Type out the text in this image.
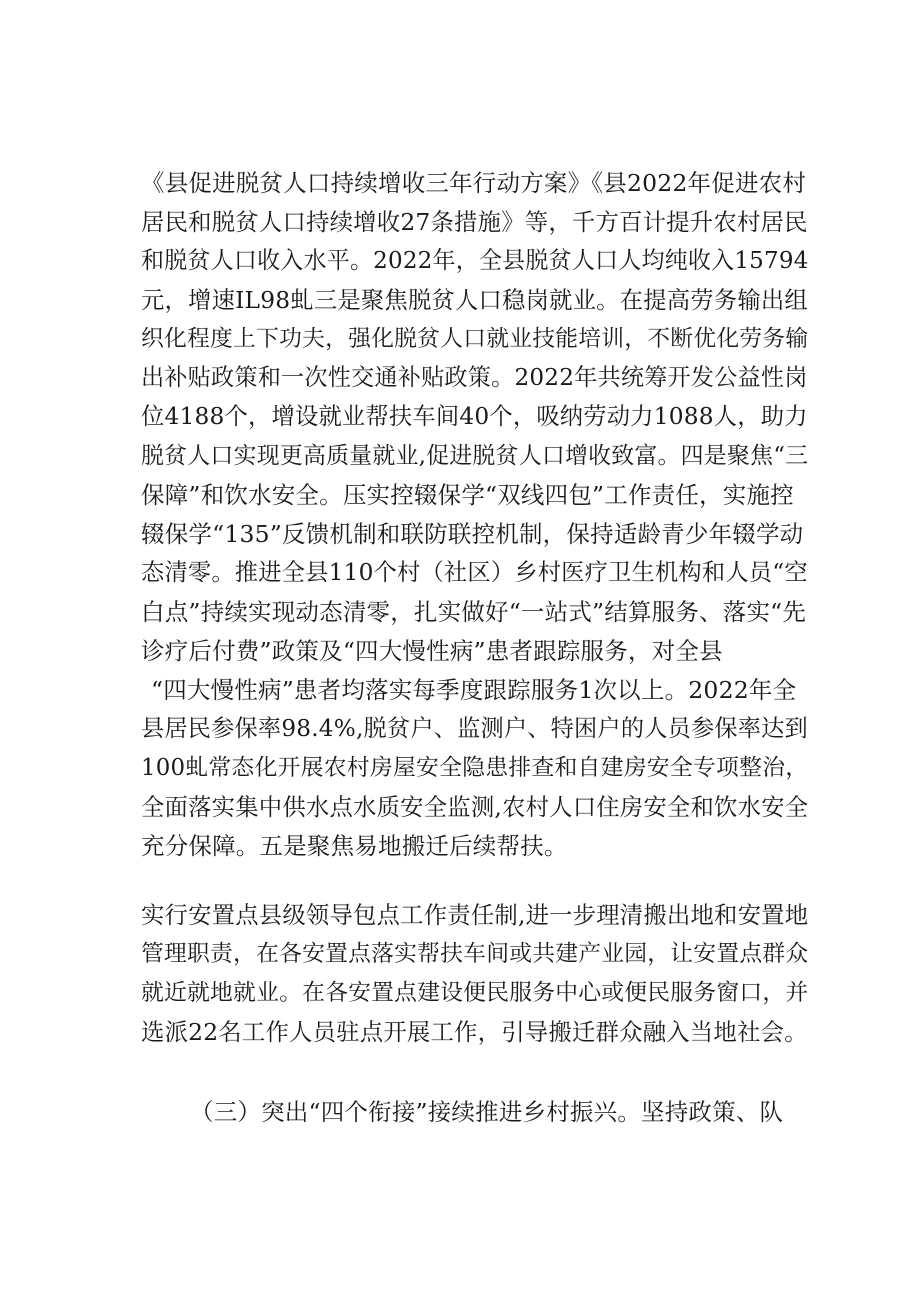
《县促进脱贫人口持续增收三年行动方案》《县2022年促进农村
居民和脱贫人口持续增收27条措施》等，千方百计提升农村居民
和脱贫人口收入水平。2022年，全县脱贫人口人均纯收入15794
元，增速IL98虬三是聚焦脱贫人口稳岗就业。在提高劳务输出组
织化程度上下功夫，强化脱贫人口就业技能培训，不断优化劳务输
出补贴政策和一次性交通补贴政策。2022年共统筹开发公益性岗
位4188个，增设就业帮扶车间40个，吸纳劳动力1088人，助力
脱贫人口实现更高质量就业,促进脱贫人口增收致富。四是聚焦“三
保障”和饮水安全。压实控辍保学“双线四包”工作责任，实施控
辍保学“135”反馈机制和联防联控机制，保持适龄青少年辍学动
态清零。推进全县110个村（社区）乡村医疗卫生机构和人员“空
白点”持续实现动态清零，扎实做好“一站式”结算服务、落实“先
诊疗后付费”政策及“四大慢性病”患者跟踪服务，对全县
“四大慢性病”患者均落实每季度跟踪服务1次以上。2022年全
县居民参保率98.4%,脱贫户、监测户、特困户的人员参保率达到
100虬常态化开展农村房屋安全隐患排查和自建房安全专项整治，
全面落实集中供水点水质安全监测,农村人口住房安全和饮水安全
充分保障。五是聚焦易地搬迁后续帮扶。
实行安置点县级领导包点工作责任制,进一步理清搬出地和安置地
管理职责，在各安置点落实帮扶车间或共建产业园，让安置点群众
就近就地就业。在各安置点建设便民服务中心或便民服务窗口，并
选派22名工作人员驻点开展工作，引导搬迁群众融入当地社会。
（三）突出“四个衔接”接续推进乡村振兴。坚持政策、队
